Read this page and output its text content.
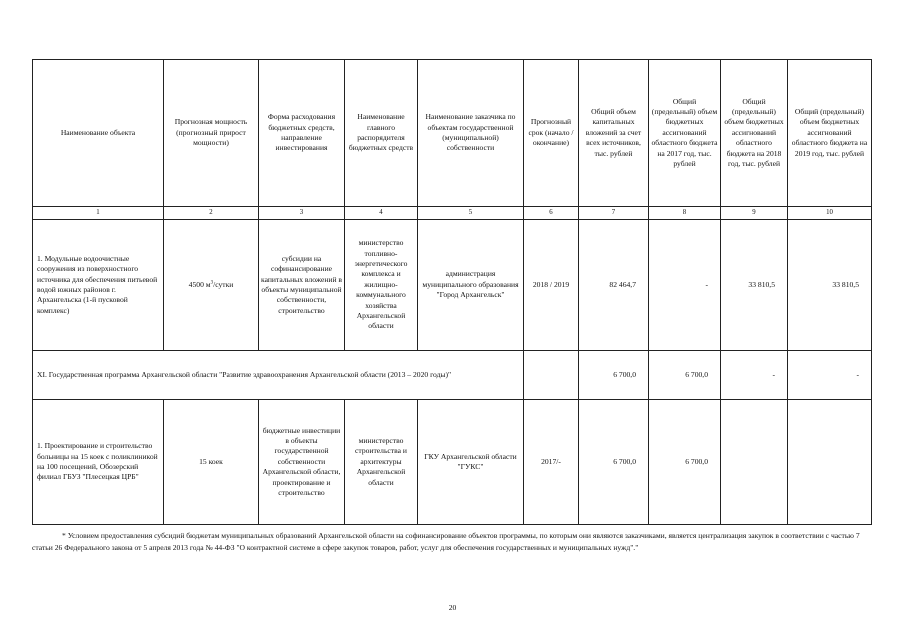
Наименование объекта	Прогнозная мощность (прогнозный прирост мощности)	Форма расходования бюджетных средств, направление инвестирования	Наименование главного распорядителя бюджетных средств	Наименование заказчика по объектам государственной (муниципальной) собственности	Прогнозный срок (начало / окончание)	Общий объем капитальных вложений за счет всех источников, тыс. рублей	Общий (предельный) объем бюджетных ассигнований областного бюджета на 2017 год, тыс. рублей	Общий (предельный) объем бюджетных ассигнований областного бюджета на 2018 год, тыс. рублей	Общий (предельный) объем бюджетных ассигнований областного бюджета на 2019 год, тыс. рублей
1	2	3	4	5	6	7	8	9	10
1. Модульные водоочистные сооружения из поверхностного источника для обеспечения питьевой водой южных районов г. Архангельска (1-й пусковой комплекс)	4500 $м^3$/сутки	субсидии на софинансирование капитальных вложений в объекты муниципальной собственности, строительство	министерство топливно-энергетического комплекса и жилищно-коммунального хозяйства Архангельской области	администрация муниципального образования "Город Архангельск"	2018 / 2019	82 464,7	-	33 810,5	33 810,5
XI. Государственная программа Архангельской области "Развитие здравоохранения Архангельской области (2013 – 2020 годы)"						6 700,0	6 700,0	-	-
1. Проектирование и строительство больницы на 15 коек с поликлиникой на 100 посещений, Обозерский филиал ГБУЗ "Плесецкая ЦРБ"	15 коек	бюджетные инвестиции в объекты государственной собственности Архангельской области, проектирование и строительство	министерство строительства и архитектуры Архангельской области	ГКУ Архангельской области "ГУКС"	2017/-	6 700,0	6 700,0		
* Условием предоставления субсидий бюджетам муниципальных образований Архангельской области на софинансирование объектов программы, по которым они являются заказчиками, является централизация закупок в соответствии с частью 7 статьи 26 Федерального закона от 5 апреля 2013 года № 44-ФЗ "О контрактной системе в сфере закупок товаров, работ, услуг для обеспечения государственных и муниципальных нужд"."
20
